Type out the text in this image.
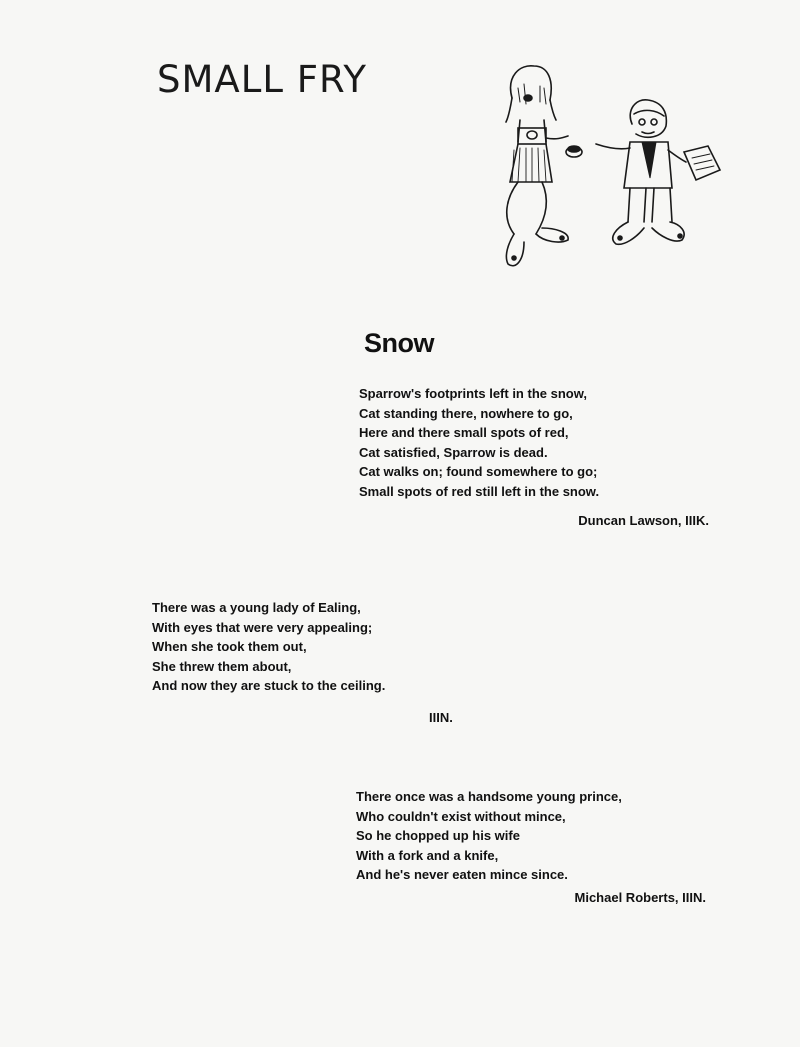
SMALL FRY
Snow
Sparrow's footprints left in the snow,
Cat standing there, nowhere to go,
Here and there small spots of red,
Cat satisfied, Sparrow is dead.
Cat walks on; found somewhere to go;
Small spots of red still left in the snow.
Duncan Lawson, IIIK.
There was a young lady of Ealing,
With eyes that were very appealing;
When she took them out,
She threw them about,
And now they are stuck to the ceiling.
IIIN.
There once was a handsome young prince,
Who couldn't exist without mince,
So he chopped up his wife
With a fork and a knife,
And he's never eaten mince since.
Michael Roberts, IIIN.
